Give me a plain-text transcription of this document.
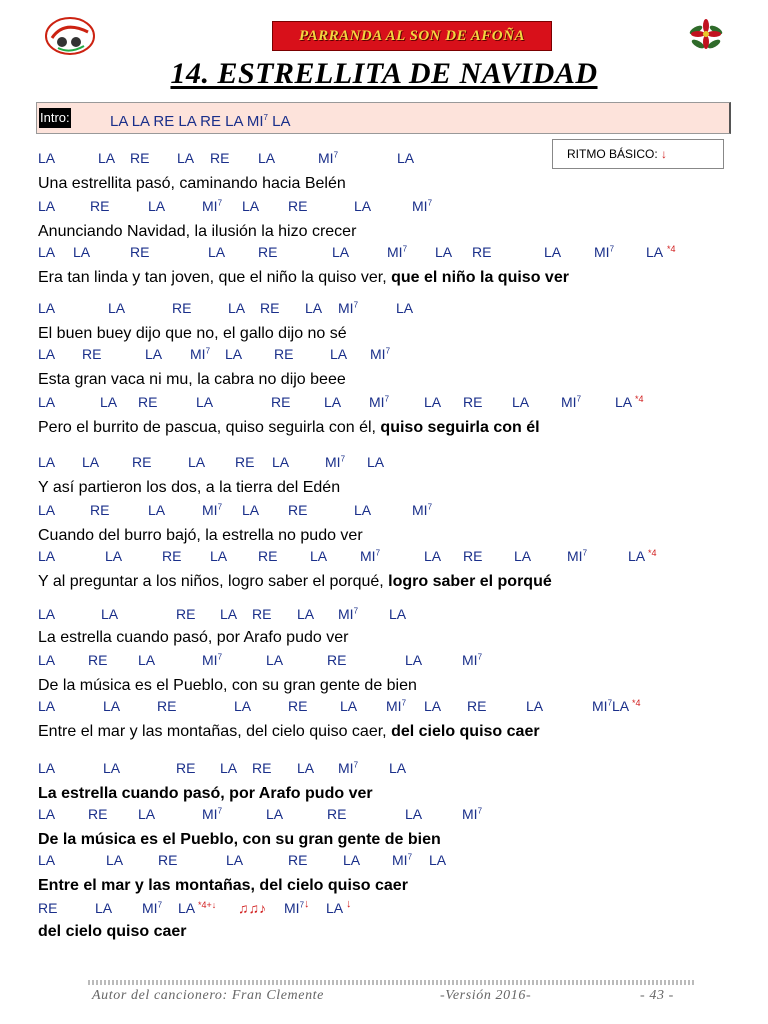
PARRANDA AL SON DE AFOÑA
14. ESTRELLITA DE NAVIDAD
Intro:	LA LA RE LA RE LA $MI^7$ LA
RITMO BÁSICO: ↓
LA	LA RE LA RE LA	$MI^7$	LA
Una estrellita pasó, caminando hacia Belén
LA RE	LA	$MI^7$ LA RE	LA	$MI^7$
Anunciando Navidad, la ilusión la hizo crecer
LA LA	RE	LA RE	LA	$MI^7$ LA RE	LA $MI^7$ LA $^{*4}$
Era tan linda y tan joven, que el niño la quiso ver, que el niño la quiso ver
LA	LA	RE	LA RE LA $MI^7$	LA
El buen buey dijo que no, el gallo dijo no sé
LA RE	LA $MI^7$ LA RE	LA $MI^7$
Esta gran vaca ni mu, la cabra no dijo beee
LA	LA RE	LA	RE LA $MI^7$ LA RE LA $MI^7$ LA $^{*4}$
Pero el burrito de pascua, quiso seguirla con él, quiso seguirla con él
LA LA RE	LA RE LA	$MI^7$ LA
Y así partieron los dos, a la tierra del Edén
LA RE	LA	$MI^7$ LA RE	LA	$MI^7$
Cuando del burro bajó, la estrella no pudo ver
LA	LA	RE LA RE LA $MI^7$	LA RE LA	$MI^7$	LA $^{*4}$
Y al preguntar a los niños, logro saber el porqué, logro saber el porqué
LA	LA	RE LA RE LA $MI^7$ LA
La estrella cuando pasó, por Arafo pudo ver
LA RE LA	$MI^7$	LA	RE	LA	$MI^7$
De la música es el Pueblo, con su gran gente de bien
LA	LA	RE	LA	RE LA $MI^7$ LA RE	LA	$MI^7$ LA $^{*4}$
Entre el mar y las montañas, del cielo quiso caer, del cielo quiso caer
LA	LA	RE LA RE LA $MI^7$ LA
La estrella cuando pasó, por Arafo pudo ver
LA RE LA	$MI^7$	LA	RE	LA	$MI^7$
De la música es el Pueblo, con su gran gente de bien
LA	LA RE	LA	RE	LA $MI^7$ LA
Entre el mar y las montañas, del cielo quiso caer
RE	LA $MI^7$ LA $^{*4+↓}$ ♫♫♪ $MI^7$ ↓ LA ↓
del cielo quiso caer
Autor del cancionero: Fran Clemente	-Versión 2016-	- 43 -
